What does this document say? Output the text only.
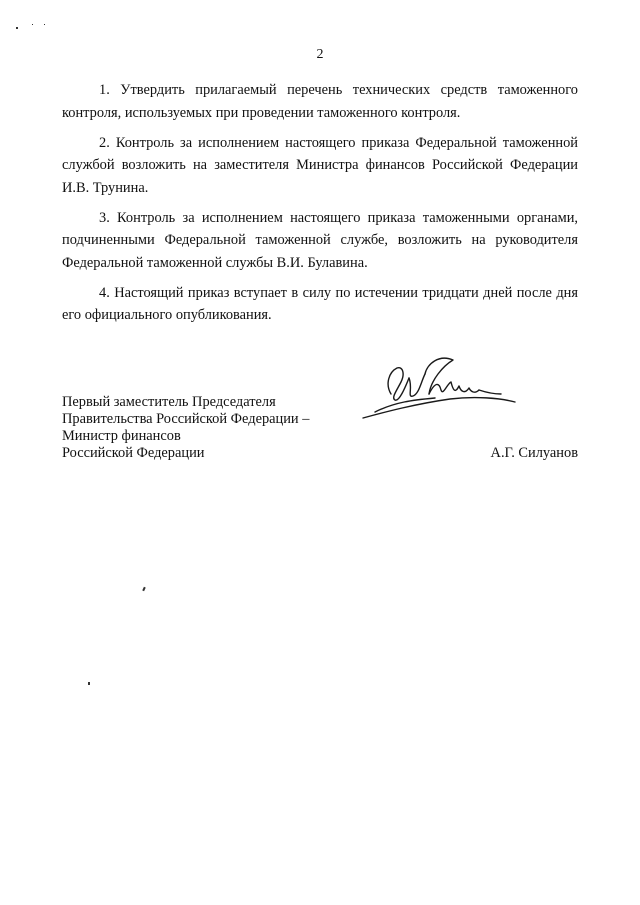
2

1. Утвердить прилагаемый перечень технических средств таможенного контроля, используемых при проведении таможенного контроля.

2. Контроль за исполнением настоящего приказа Федеральной таможенной службой возложить на заместителя Министра финансов Российской Федерации И.В. Трунина.

3. Контроль за исполнением настоящего приказа таможенными органами, подчиненными Федеральной таможенной службе, возложить на руководителя Федеральной таможенной службы В.И. Булавина.

4. Настоящий приказ вступает в силу по истечении тридцати дней после дня его официального опубликования.

Первый заместитель Председателя
Правительства Российской Федерации –
Министр финансов
Российской Федерации	А.Г. Силуанов
